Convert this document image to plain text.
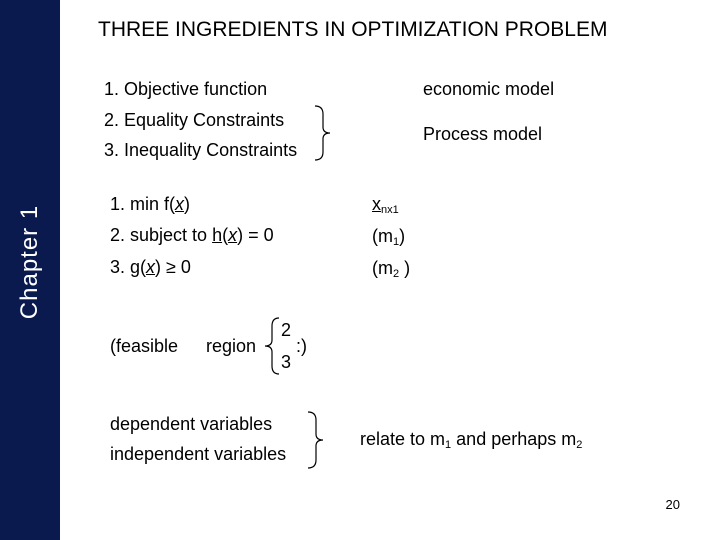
Chapter 1
THREE INGREDIENTS IN OPTIMIZATION PROBLEM
1. Objective function
2. Equality Constraints
3. Inequality Constraints
economic model
Process model
1. min f(x)
2. subject to h(x) = 0
3. g(x) ≥ 0
$x_{nx1}$
$(m_1)$
($m_2$ )
(feasible region
2
3
:)
dependent variables
independent variables
relate to $m_1$ and perhaps $m_2$
20
